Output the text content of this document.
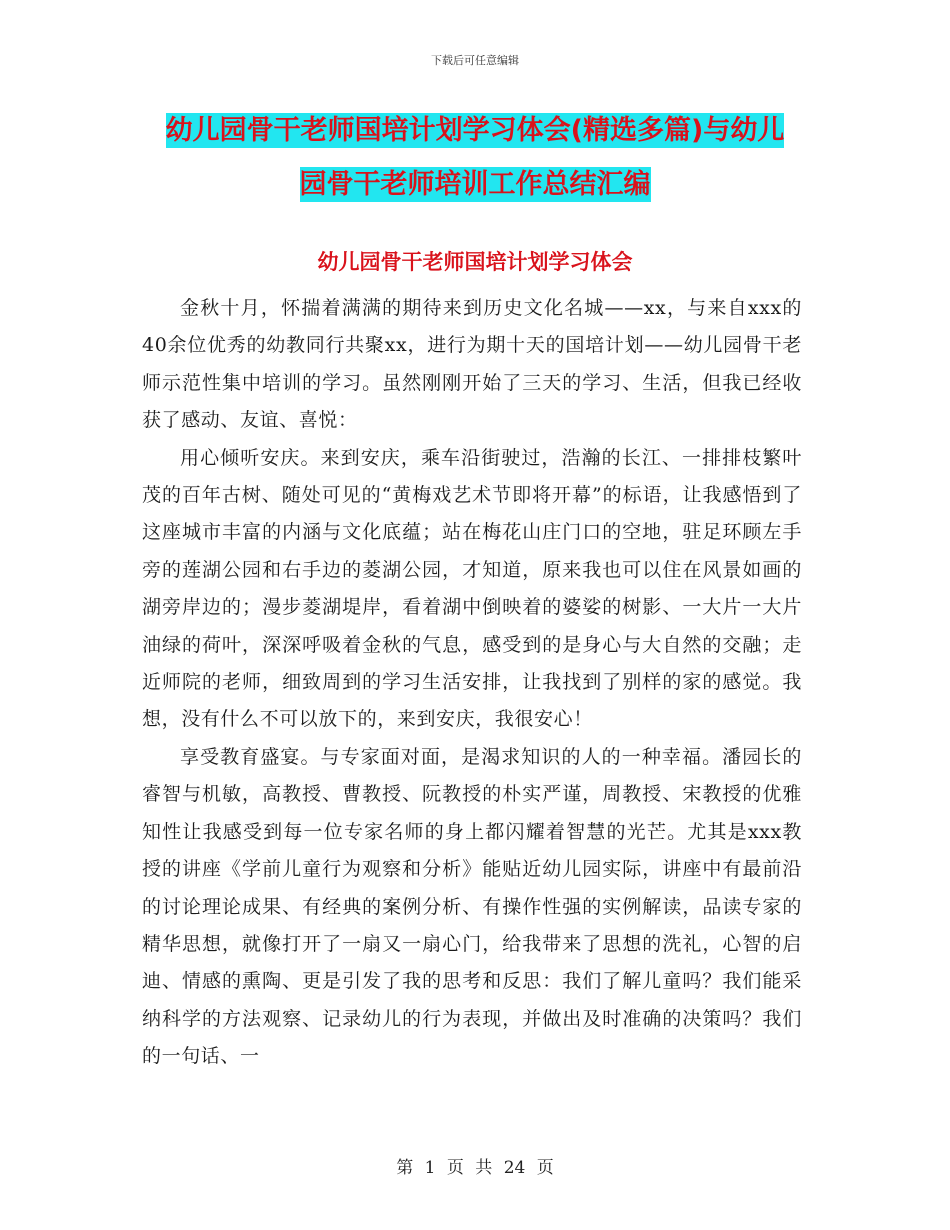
下载后可任意编辑
幼儿园骨干老师国培计划学习体会(精选多篇)与幼儿
园骨干老师培训工作总结汇编
幼儿园骨干老师国培计划学习体会

金秋十月，怀揣着满满的期待来到历史文化名城——xx，与来自xxx的40余位优秀的幼教同行共聚xx，进行为期十天的国培计划——幼儿园骨干老师示范性集中培训的学习。虽然刚刚开始了三天的学习、生活，但我已经收获了感动、友谊、喜悦：

用心倾听安庆。来到安庆，乘车沿街驶过，浩瀚的长江、一排排枝繁叶茂的百年古树、随处可见的“黄梅戏艺术节即将开幕”的标语，让我感悟到了这座城市丰富的内涵与文化底蕴；站在梅花山庄门口的空地，驻足环顾左手旁的莲湖公园和右手边的菱湖公园，才知道，原来我也可以住在风景如画的湖旁岸边的；漫步菱湖堤岸，看着湖中倒映着的婆娑的树影、一大片一大片油绿的荷叶，深深呼吸着金秋的气息，感受到的是身心与大自然的交融；走近师院的老师，细致周到的学习生活安排，让我找到了别样的家的感觉。我想，没有什么不可以放下的，来到安庆，我很安心！

享受教育盛宴。与专家面对面，是渴求知识的人的一种幸福。潘园长的睿智与机敏，高教授、曹教授、阮教授的朴实严谨，周教授、宋教授的优雅知性让我感受到每一位专家名师的身上都闪耀着智慧的光芒。尤其是xxx教授的讲座《学前儿童行为观察和分析》能贴近幼儿园实际，讲座中有最前沿的讨论理论成果、有经典的案例分析、有操作性强的实例解读，品读专家的精华思想，就像打开了一扇又一扇心门，给我带来了思想的洗礼，心智的启迪、情感的熏陶、更是引发了我的思考和反思：我们了解儿童吗？我们能采纳科学的方法观察、记录幼儿的行为表现，并做出及时准确的决策吗？我们的一句话、一

第 1 页 共 24 页
